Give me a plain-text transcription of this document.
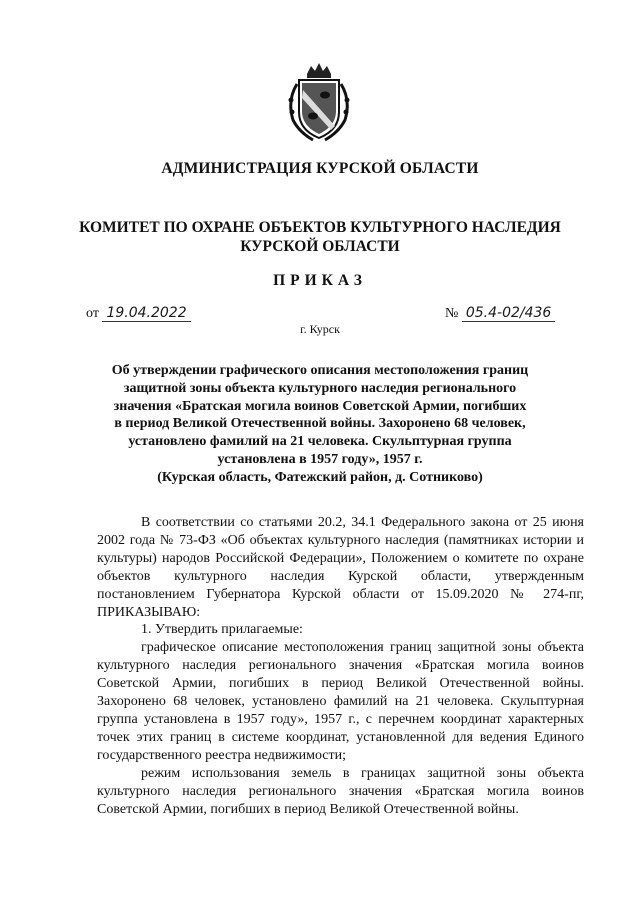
АДМИНИСТРАЦИЯ КУРСКОЙ ОБЛАСТИ
КОМИТЕТ ПО ОХРАНЕ ОБЪЕКТОВ КУЛЬТУРНОГО НАСЛЕДИЯ
КУРСКОЙ ОБЛАСТИ
ПРИКАЗ
от 19.04.2022	№ 05.4-02/436
г. Курск
Об утверждении графического описания местоположения границ
защитной зоны объекта культурного наследия регионального
значения «Братская могила воинов Советской Армии, погибших
в период Великой Отечественной войны. Захоронено 68 человек,
установлено фамилий на 21 человека. Скульптурная группа
установлена в 1957 году», 1957 г.
(Курская область, Фатежский район, д. Сотниково)

В соответствии со статьями 20.2, 34.1 Федерального закона от 25 июня 2002 года № 73-ФЗ «Об объектах культурного наследия (памятниках истории и культуры) народов Российской Федерации», Положением о комитете по охране объектов культурного наследия Курской области, утвержденным постановлением Губернатора Курской области от 15.09.2020 № 274-пг, ПРИКАЗЫВАЮ:

1. Утвердить прилагаемые:

графическое описание местоположения границ защитной зоны объекта культурного наследия регионального значения «Братская могила воинов Советской Армии, погибших в период Великой Отечественной войны. Захоронено 68 человек, установлено фамилий на 21 человека. Скульптурная группа установлена в 1957 году», 1957 г., с перечнем координат характерных точек этих границ в системе координат, установленной для ведения Единого государственного реестра недвижимости;

режим использования земель в границах защитной зоны объекта культурного наследия регионального значения «Братская могила воинов Советской Армии, погибших в период Великой Отечественной войны.
